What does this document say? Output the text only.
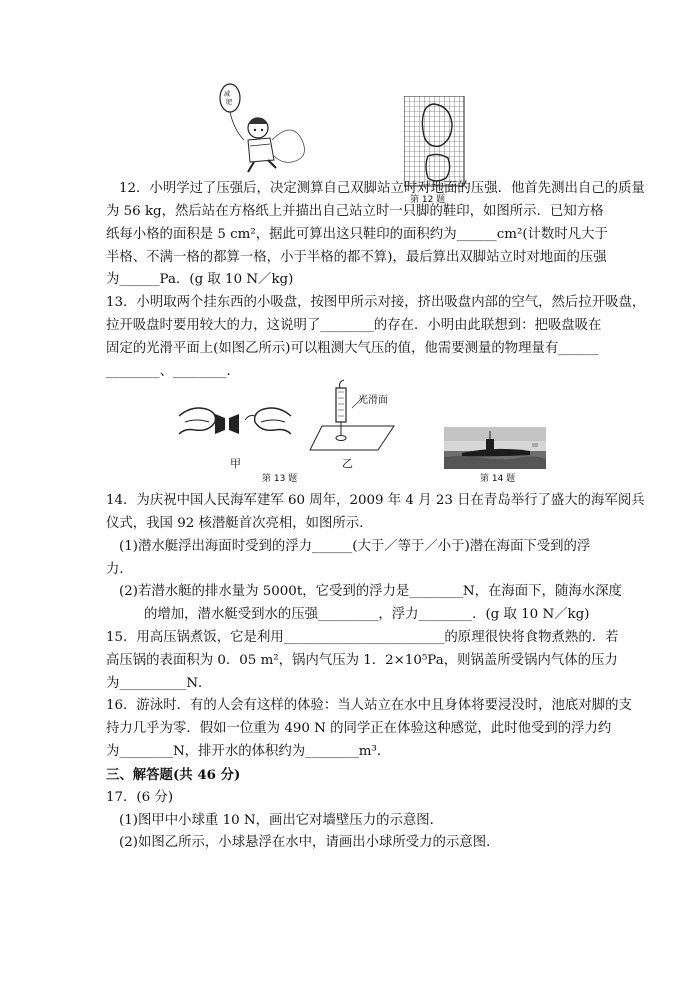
减
肥
第 12 题
12．小明学过了压强后，决定测算自己双脚站立时对地面的压强．他首先测出自己的质量
为 56 kg，然后站在方格纸上并描出自己站立时一只脚的鞋印，如图所示．已知方格
纸每小格的面积是 5 cm²，据此可算出这只鞋印的面积约为______cm²(计数时凡大于
半格、不满一格的都算一格，小于半格的都不算)，最后算出双脚站立时对地面的压强
为______Pa．(g 取 10 N／kg)
13．小明取两个挂东西的小吸盘，按图甲所示对接，挤出吸盘内部的空气，然后拉开吸盘，
拉开吸盘时要用较大的力，这说明了________的存在．小明由此联想到：把吸盘吸在
固定的光滑平面上(如图乙所示)可以粗测大气压的值，他需要测量的物理量有______
________、________．
甲
光滑面
乙
第 13 题	第 14 题
14．为庆祝中国人民海军建军 60 周年，2009 年 4 月 23 日在青岛举行了盛大的海军阅兵
仪式，我国 92 核潜艇首次亮相，如图所示．
(1)潜水艇浮出海面时受到的浮力______(大于／等于／小于)潜在海面下受到的浮
力．
(2)若潜水艇的排水量为 5000t，它受到的浮力是________N，在海面下，随海水深度
的增加，潜水艇受到水的压强_________，浮力________．(g 取 10 N／kg)
15．用高压锅煮饭，它是利用________________________的原理很快将食物煮熟的．若
高压锅的表面积为 0．05 m²，锅内气压为 1．2×10⁵Pa，则锅盖所受锅内气体的压力
为__________N．
16．游泳时．有的人会有这样的体验：当人站立在水中且身体将要浸没时，池底对脚的支
持力几乎为零．假如一位重为 490 N 的同学正在体验这种感觉，此时他受到的浮力约
为________N，排开水的体积约为________m³．
三、解答题(共 46 分)
17．(6 分)
(1)图甲中小球重 10 N，画出它对墙壁压力的示意图．
(2)如图乙所示，小球悬浮在水中，请画出小球所受力的示意图．
